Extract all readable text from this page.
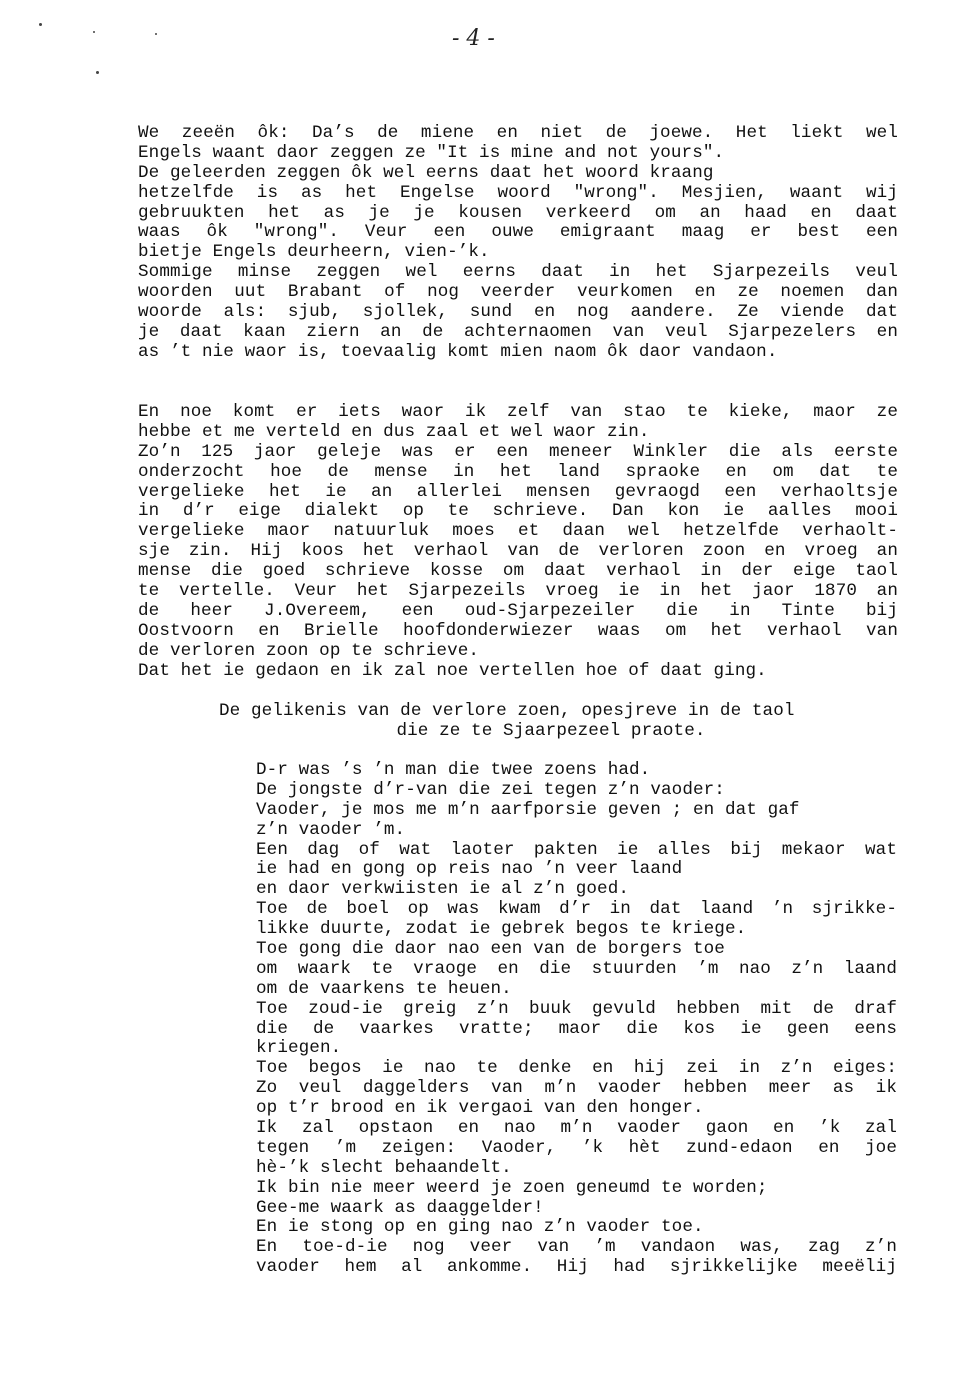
- 4 -
We zeeën ôk: Da’s de miene en niet de joewe. Het liekt wel
Engels waant daor zeggen ze "It is mine and not yours".
De geleerden zeggen ôk wel eerns daat het woord kraang
hetzelfde is as het Engelse woord "wrong". Mesjien, waant wij
gebruukten het as je je kousen verkeerd om an haad en daat
waas ôk "wrong". Veur een ouwe emigraant maag er best een
bietje Engels deurheern, vien-’k.
Sommige minse zeggen wel eerns daat in het Sjarpezeils veul
woorden uut Brabant of nog veerder veurkomen en ze noemen dan
woorde als: sjub, sjollek, sund en nog aandere. Ze viende dat
je daat kaan ziern an de achternaomen van veul Sjarpezelers en
as ’t nie waor is, toevaalig komt mien naom ôk daor vandaon.
En noe komt er iets waor ik zelf van stao te kieke, maor ze
hebbe et me verteld en dus zaal et wel waor zin.
Zo’n 125 jaor geleje was er een meneer Winkler die als eerste
onderzocht hoe de mense in het land spraoke en om dat te
vergelieke het ie an allerlei mensen gevraogd een verhaoltsje
in d’r eige dialekt op te schrieve. Dan kon ie aalles mooi
vergelieke maor natuurluk moes et daan wel hetzelfde verhaolt-
sje zin. Hij koos het verhaol van de verloren zoon en vroeg an
mense die goed schrieve kosse om daat verhaol in der eige taol
te vertelle. Veur het Sjarpezeils vroeg ie in het jaor 1870 an
de heer J.Overeem, een oud-Sjarpezeiler die in Tinte bij
Oostvoorn en Brielle hoofdonderwiezer waas om het verhaol van
de verloren zoon op te schrieve.
Dat het ie gedaon en ik zal noe vertellen hoe of daat ging.
De gelikenis van de verlore zoen, opesjreve in de taol
die ze te Sjaarpezeel praote.
D-r was ’s ’n man die twee zoens had.
De jongste d’r-van die zei tegen z’n vaoder:
Vaoder, je mos me m’n aarfporsie geven ; en dat gaf
z’n vaoder ’m.
Een dag of wat laoter pakten ie alles bij mekaor wat
ie had en gong op reis nao ’n veer laand
en daor verkwiisten ie al z’n goed.
Toe de boel op was kwam d’r in dat laand ’n sjrikke-
likke duurte, zodat ie gebrek begos te kriege.
Toe gong die daor nao een van de borgers toe
om waark te vraoge en die stuurden ’m nao z’n laand
om de vaarkens te heuen.
Toe zoud-ie greig z’n buuk gevuld hebben mit de draf
die de vaarkes vratte; maor die kos ie geen eens
kriegen.
Toe begos ie nao te denke en hij zei in z’n eiges:
Zo veul daggelders van m’n vaoder hebben meer as ik
op t’r brood en ik vergaoi van den honger.
Ik zal opstaon en nao m’n vaoder gaon en ’k zal
tegen ’m zeigen: Vaoder, ’k hèt zund-edaon en joe
hè-’k slecht behaandelt.
Ik bin nie meer weerd je zoen geneumd te worden;
Gee-me waark as daaggelder!
En ie stong op en ging nao z’n vaoder toe.
En toe-d-ie nog veer van ’m vandaon was, zag z’n
vaoder hem al ankomme. Hij had sjrikkelijke meeëlij
